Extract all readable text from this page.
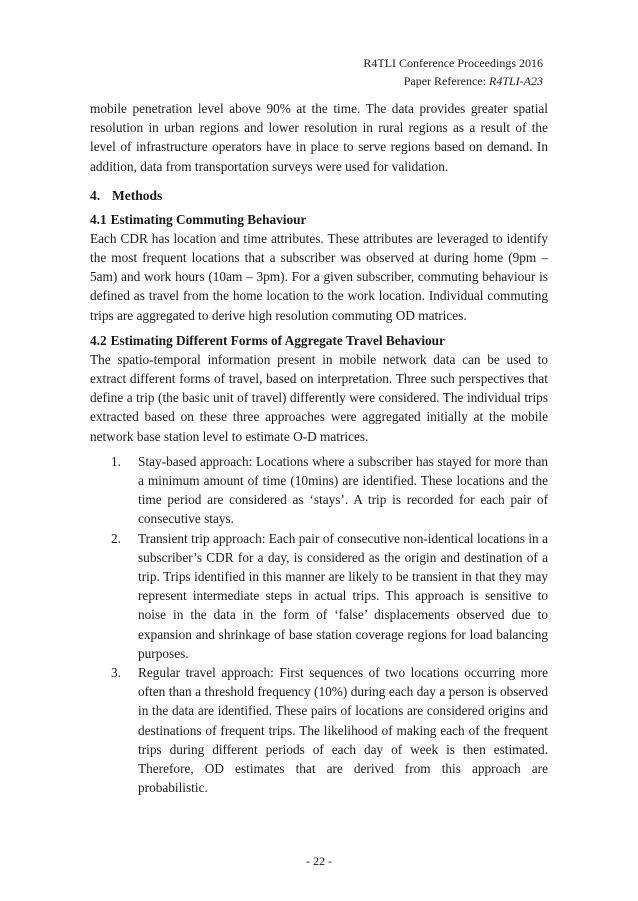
R4TLI Conference Proceedings 2016
Paper Reference: R4TLI-A23

mobile penetration level above 90% at the time. The data provides greater spatial resolution in urban regions and lower resolution in rural regions as a result of the level of infrastructure operators have in place to serve regions based on demand. In addition, data from transportation surveys were used for validation.

4. Methods
4.1 Estimating Commuting Behaviour

Each CDR has location and time attributes. These attributes are leveraged to identify the most frequent locations that a subscriber was observed at during home (9pm – 5am) and work hours (10am – 3pm). For a given subscriber, commuting behaviour is defined as travel from the home location to the work location. Individual commuting trips are aggregated to derive high resolution commuting OD matrices.

4.2 Estimating Different Forms of Aggregate Travel Behaviour

The spatio-temporal information present in mobile network data can be used to extract different forms of travel, based on interpretation. Three such perspectives that define a trip (the basic unit of travel) differently were considered. The individual trips extracted based on these three approaches were aggregated initially at the mobile network base station level to estimate O-D matrices.

1. Stay-based approach: Locations where a subscriber has stayed for more than a minimum amount of time (10mins) are identified. These locations and the time period are considered as ‘stays’. A trip is recorded for each pair of consecutive stays.
2. Transient trip approach: Each pair of consecutive non-identical locations in a subscriber’s CDR for a day, is considered as the origin and destination of a trip. Trips identified in this manner are likely to be transient in that they may represent intermediate steps in actual trips. This approach is sensitive to noise in the data in the form of ‘false’ displacements observed due to expansion and shrinkage of base station coverage regions for load balancing purposes.
3. Regular travel approach: First sequences of two locations occurring more often than a threshold frequency (10%) during each day a person is observed in the data are identified. These pairs of locations are considered origins and destinations of frequent trips. The likelihood of making each of the frequent trips during different periods of each day of week is then estimated. Therefore, OD estimates that are derived from this approach are probabilistic.
- 22 -
